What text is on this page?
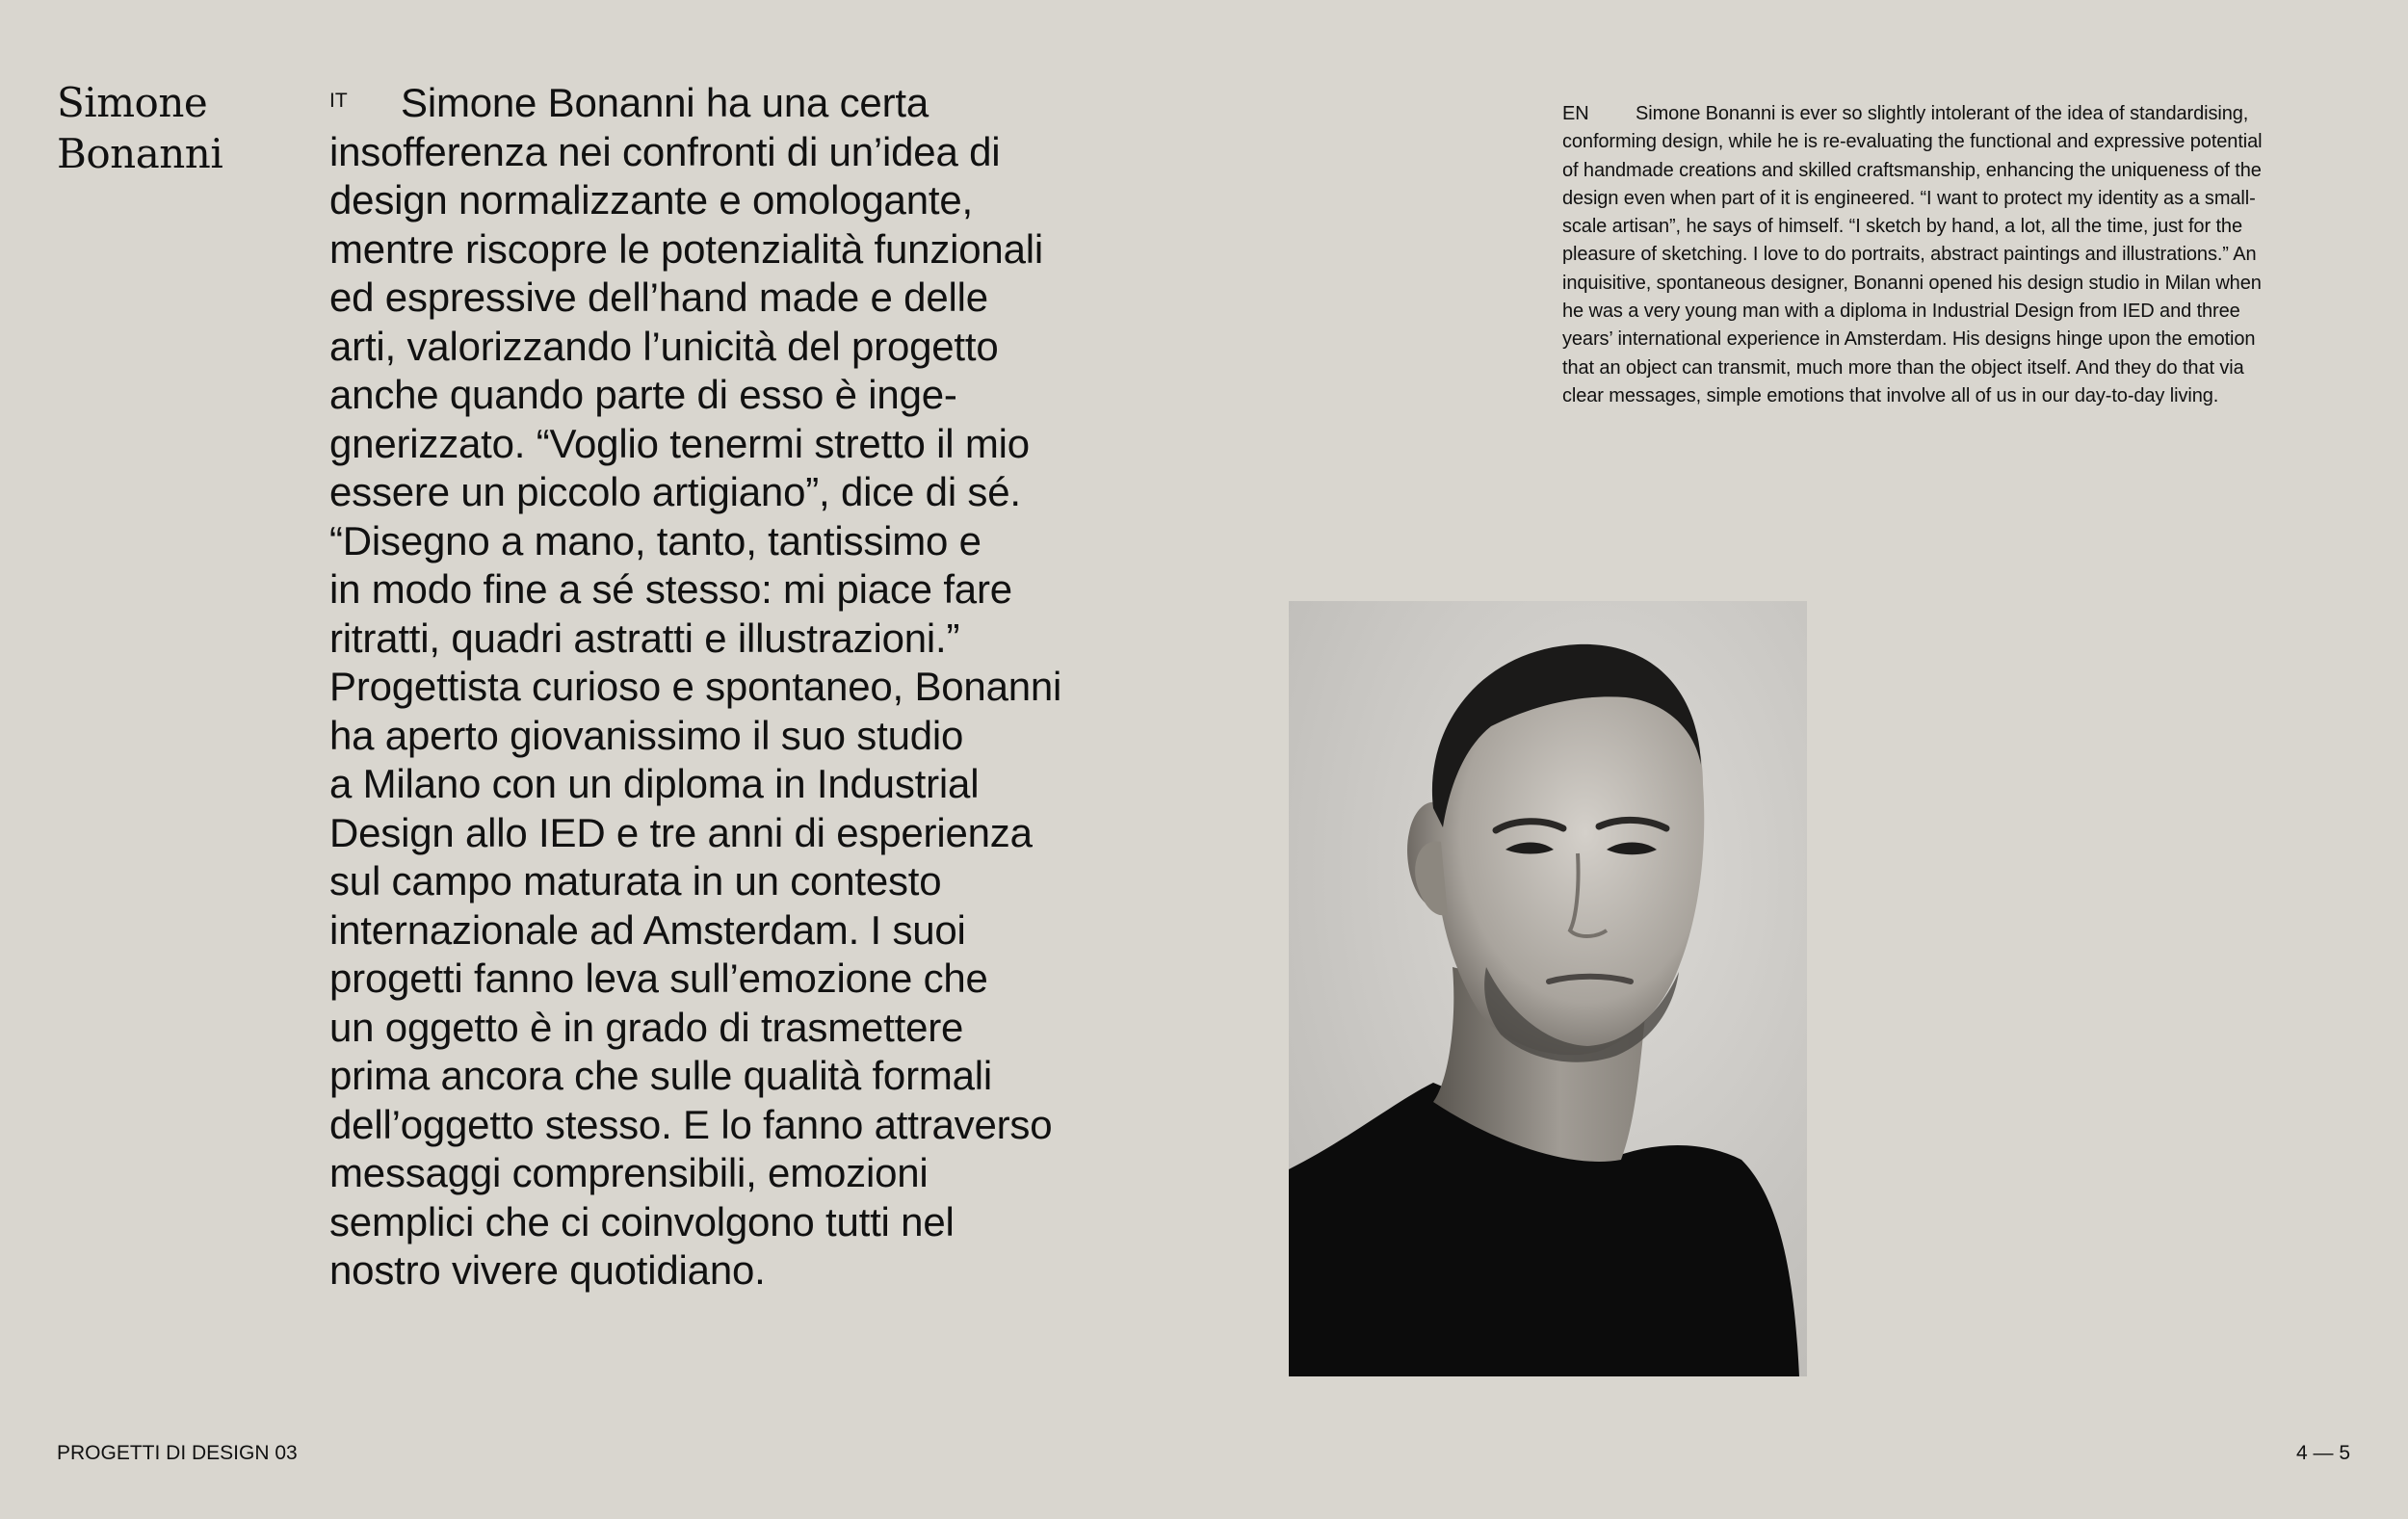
Simone
Bonanni
IT	Simone Bonanni ha una certa
insofferenza nei confronti di un’idea di
design normalizzante e omologante,
mentre riscopre le potenzialità funzionali
ed espressive dell’hand made e delle
arti, valorizzando l’unicità del progetto
anche quando parte di esso è inge-
gnerizzato. “Voglio tenermi stretto il mio
essere un piccolo artigiano”, dice di sé.
“Disegno a mano, tanto, tantissimo e
in modo fine a sé stesso: mi piace fare
ritratti, quadri astratti e illustrazioni.”
Progettista curioso e spontaneo, Bonanni
ha aperto giovanissimo il suo studio
a Milano con un diploma in Industrial
Design allo IED e tre anni di esperienza
sul campo maturata in un contesto
internazionale ad Amsterdam. I suoi
progetti fanno leva sull’emozione che
un oggetto è in grado di trasmettere
prima ancora che sulle qualità formali
dell’oggetto stesso. E lo fanno attraverso
messaggi comprensibili, emozioni
semplici che ci coinvolgono tutti nel
nostro vivere quotidiano.

EN Simone Bonanni is ever so slightly intolerant of the idea of standardising,
conforming design, while he is re-evaluating the functional and expressive potential
of handmade creations and skilled craftsmanship, enhancing the uniqueness of the
design even when part of it is engineered. “I want to protect my identity as a small-
scale artisan”, he says of himself. “I sketch by hand, a lot, all the time, just for the
pleasure of sketching. I love to do portraits, abstract paintings and illustrations.” An
inquisitive, spontaneous designer, Bonanni opened his design studio in Milan when
he was a very young man with a diploma in Industrial Design from IED and three
years’ international experience in Amsterdam. His designs hinge upon the emotion
that an object can transmit, much more than the object itself. And they do that via
clear messages, simple emotions that involve all of us in our day-to-day living.

PROGETTI DI DESIGN 03	4 — 5
